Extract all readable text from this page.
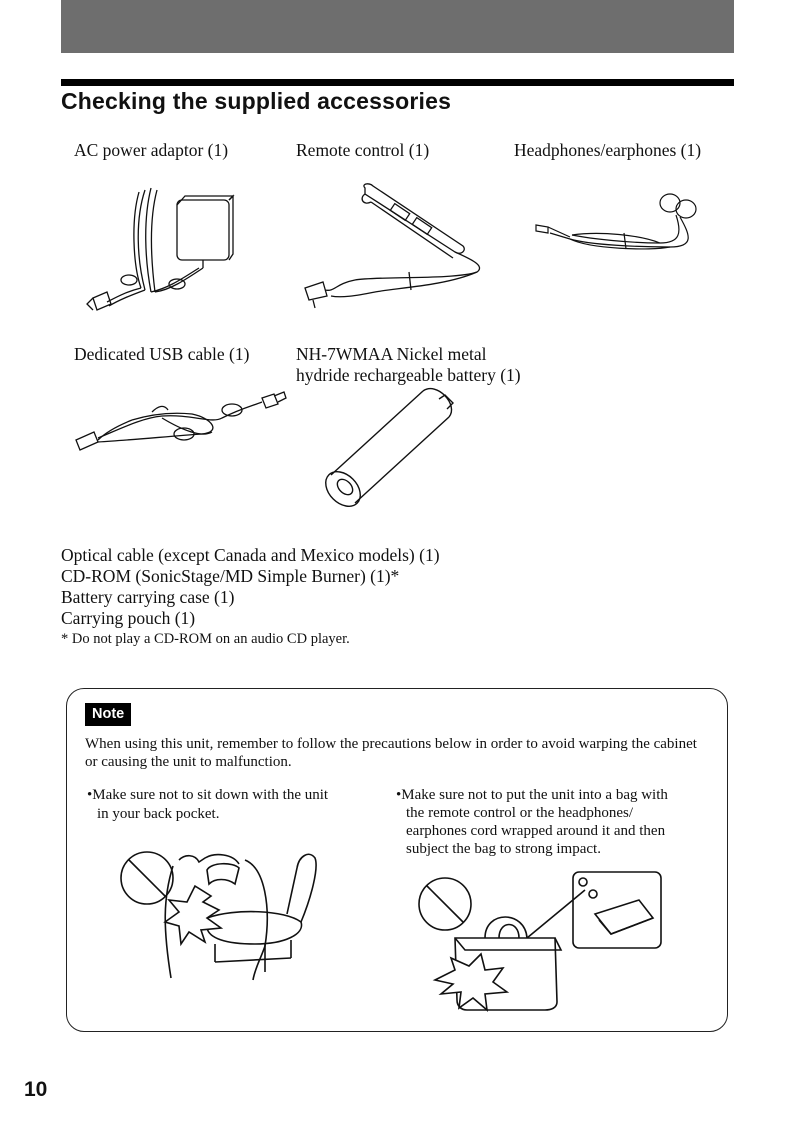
Checking the supplied accessories
AC power adaptor (1)	Remote control (1)	Headphones/earphones (1)
Dedicated USB cable (1)	NH-7WMAA Nickel metal
hydride rechargeable battery (1)
Optical cable (except Canada and Mexico models) (1)
CD-ROM (SonicStage/MD Simple Burner) (1)*
Battery carrying case (1)
Carrying pouch (1)
* Do not play a CD-ROM on an audio CD player.
Note
When using this unit, remember to follow the precautions below in order to avoid warping the cabinet or causing the unit to malfunction.
•Make sure not to sit down with the unit
in your back pocket.
•Make sure not to put the unit into a bag with
the remote control or the headphones/
earphones cord wrapped around it and then
subject the bag to strong impact.
10
